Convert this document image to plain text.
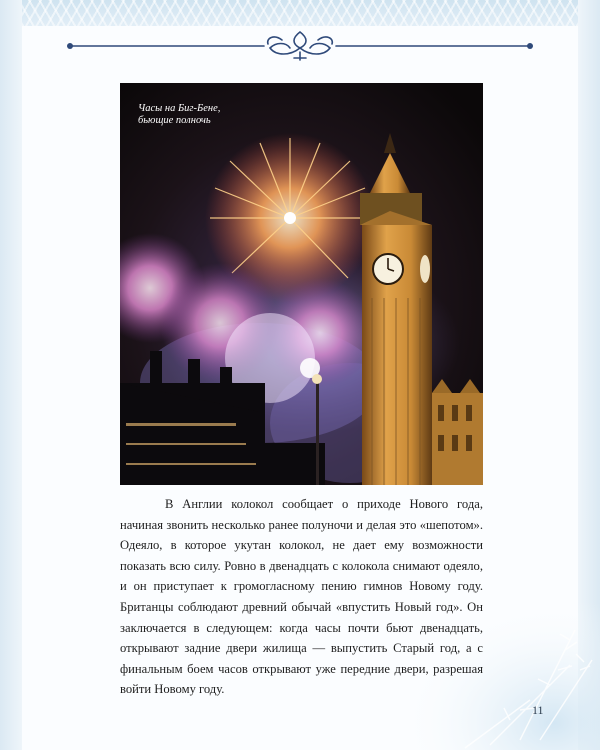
Часы на Биг-Бене,
бьющие полночь

В Англии колокол сообщает о приходе Нового года, начиная звонить несколько ранее полуночи и делая это «шепотом». Одеяло, в которое укутан колокол, не дает ему возможности показать всю силу. Ровно в двенадцать с колокола снимают одеяло, и он приступает к громогласному пению гимнов Новому году. Британцы соблюдают древний обычай «впустить Новый год». Он заключается в следующем: когда часы почти бьют двенадцать, открывают задние двери жилища — выпустить Старый год, а с финальным боем часов открывают уже передние двери, разрешая войти Новому году.

11
